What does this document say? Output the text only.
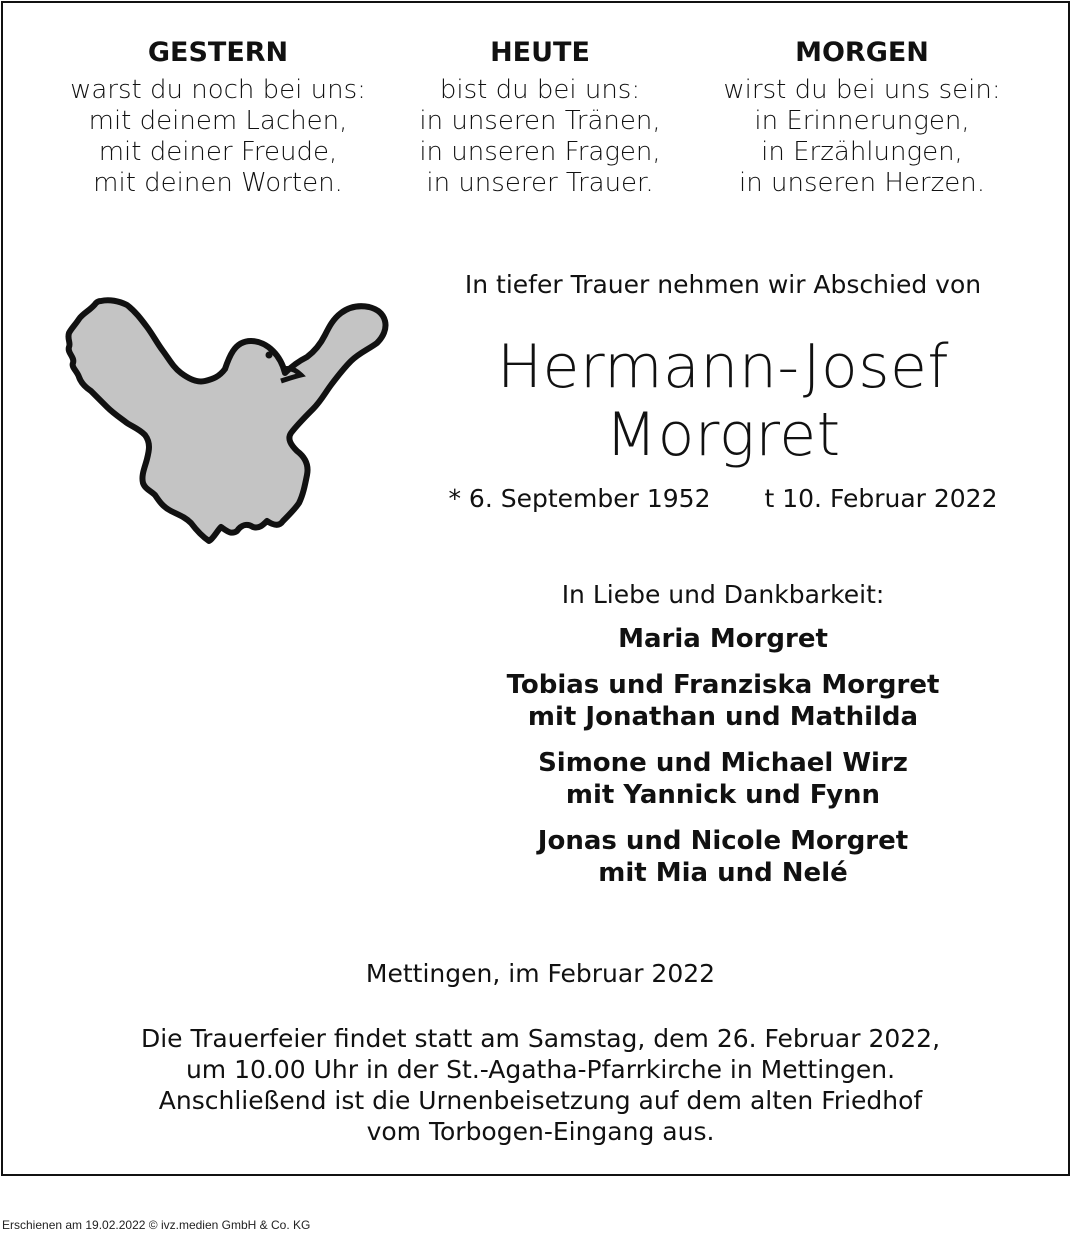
GESTERN
warst du noch bei uns:
mit deinem Lachen,
mit deiner Freude,
mit deinen Worten.
HEUTE
bist du bei uns:
in unseren Tränen,
in unseren Fragen,
in unserer Trauer.
MORGEN
wirst du bei uns sein:
in Erinnerungen,
in Erzählungen,
in unseren Herzen.
In tiefer Trauer nehmen wir Abschied von
Hermann-Josef
Morgret
* 6. September 1952 t 10. Februar 2022
In Liebe und Dankbarkeit:
Maria Morgret
Tobias und Franziska Morgret
mit Jonathan und Mathilda
Simone und Michael Wirz
mit Yannick und Fynn
Jonas und Nicole Morgret
mit Mia und Nelé
Mettingen, im Februar 2022
Die Trauerfeier findet statt am Samstag, dem 26. Februar 2022,
um 10.00 Uhr in der St.-Agatha-Pfarrkirche in Mettingen.
Anschließend ist die Urnenbeisetzung auf dem alten Friedhof
vom Torbogen-Eingang aus.
Erschienen am 19.02.2022 © ivz.medien GmbH & Co. KG
